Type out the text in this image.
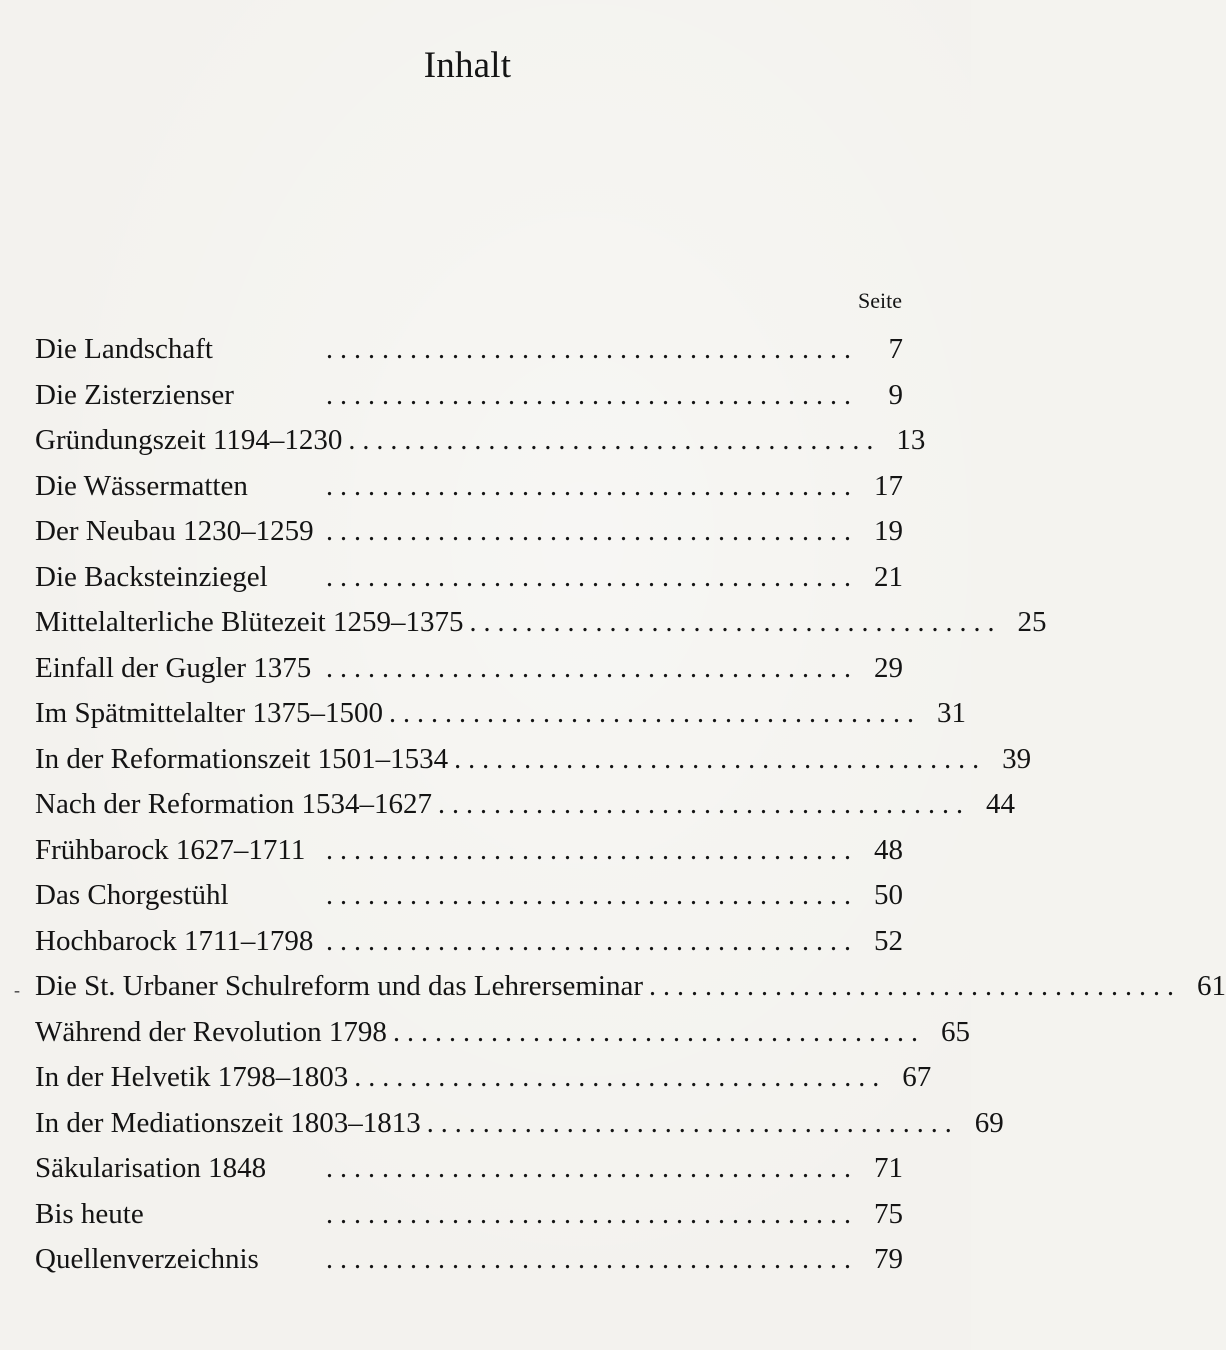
Inhalt
Seite
‑
Die Landschaft	. . . . . . . . . . . . . . . . . . . . . . . . . . . . . . . . . . . . . .	7
Die Zisterzienser	. . . . . . . . . . . . . . . . . . . . . . . . . . . . . . . . . . . . . .	9
Gründungszeit 1194–1230 . . . . . . . . . . . . . . . . . . . . . . . . . . . . . . . . . . . . . . 13
Die Wässermatten	. . . . . . . . . . . . . . . . . . . . . . . . . . . . . . . . . . . . . . 17
Der Neubau 1230–1259 . . . . . . . . . . . . . . . . . . . . . . . . . . . . . . . . . . . . . . 19
Die Backsteinziegel	. . . . . . . . . . . . . . . . . . . . . . . . . . . . . . . . . . . . . . 21
Mittelalterliche Blütezeit 1259–1375 . . . . . . . . . . . . . . . . . . . . . . . . . . . . . . . . . . . . . . 25
Einfall der Gugler 1375 . . . . . . . . . . . . . . . . . . . . . . . . . . . . . . . . . . . . . . 29
Im Spätmittelalter 1375–1500 . . . . . . . . . . . . . . . . . . . . . . . . . . . . . . . . . . . . . . 31
In der Reformationszeit 1501–1534 . . . . . . . . . . . . . . . . . . . . . . . . . . . . . . . . . . . . . . 39
Nach der Reformation 1534–1627 . . . . . . . . . . . . . . . . . . . . . . . . . . . . . . . . . . . . . . 44
Frühbarock 1627–1711 . . . . . . . . . . . . . . . . . . . . . . . . . . . . . . . . . . . . . . 48
Das Chorgestühl	. . . . . . . . . . . . . . . . . . . . . . . . . . . . . . . . . . . . . . 50
Hochbarock 1711–1798 . . . . . . . . . . . . . . . . . . . . . . . . . . . . . . . . . . . . . . 52
Die St. Urbaner Schulreform und das Lehrerseminar . . . . . . . . . . . . . . . . . . . . . . . . . . . . . . . . . . . . . . 61
Während der Revolution 1798 . . . . . . . . . . . . . . . . . . . . . . . . . . . . . . . . . . . . . . 65
In der Helvetik 1798–1803 . . . . . . . . . . . . . . . . . . . . . . . . . . . . . . . . . . . . . . 67
In der Mediationszeit 1803–1813 . . . . . . . . . . . . . . . . . . . . . . . . . . . . . . . . . . . . . . 69
Säkularisation 1848	. . . . . . . . . . . . . . . . . . . . . . . . . . . . . . . . . . . . . . 71
Bis heute	. . . . . . . . . . . . . . . . . . . . . . . . . . . . . . . . . . . . . . 75
Quellenverzeichnis	. . . . . . . . . . . . . . . . . . . . . . . . . . . . . . . . . . . . . . 79
